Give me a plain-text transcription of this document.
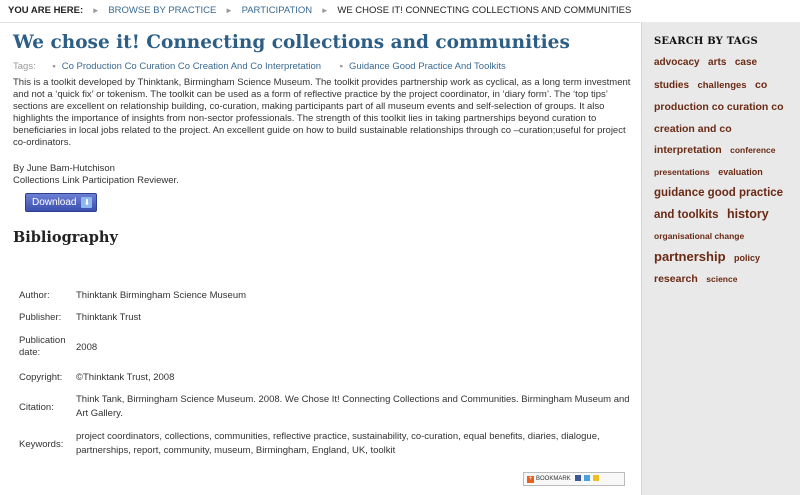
YOU ARE HERE: ► BROWSE BY PRACTICE ► PARTICIPATION ► WE CHOSE IT! CONNECTING COLLECTIONS AND COMMUNITIES
We chose it! Connecting collections and communities
Tags: ▪ Co Production Co Curation Co Creation And Co Interpretation ▪ Guidance Good Practice And Toolkits
This is a toolkit developed by Thinktank, Birmingham Science Museum. The toolkit provides partnership work as cyclical, as a long term investment and not a ‘quick fix’ or tokenism. The toolkit can be used as a form of reflective practice by the project coordinator, in ‘diary form’. The ‘top tips’ sections are excellent on relationship building, co-curation, making participants part of all museum events and self-selection of groups. It also highlights the importance of insights from non-sector professionals. The strength of this toolkit lies in taking partnerships beyond curation to beneficiaries in local jobs related to the project. An excellent guide on how to build sustainable relationships through co –curation;useful for project co-ordinators.
By June Bam-Hutchison
Collections Link Participation Reviewer.
Download ⬇
Bibliography
Author:	Thinktank Birmingham Science Museum
Publisher:	Thinktank Trust
Publication date:	2008
Copyright:	©Thinktank Trust, 2008
Citation:	Think Tank, Birmingham Science Museum. 2008. We Chose It! Connecting Collections and Communities. Birmingham Museum and Art Gallery.
Keywords:	project coordinators, collections, communities, reflective practice, sustainability, co-curation, equal benefits, diaries, dialogue, partnerships, report, community, museum, Birmingham, England, UK, toolkit
+ BOOKMARK
SEARCH BY TAGS
advocacy arts case studies challenges co production co curation co creation and co interpretation conference presentations evaluation guidance good practice and toolkits history organisational change partnership policy research science
